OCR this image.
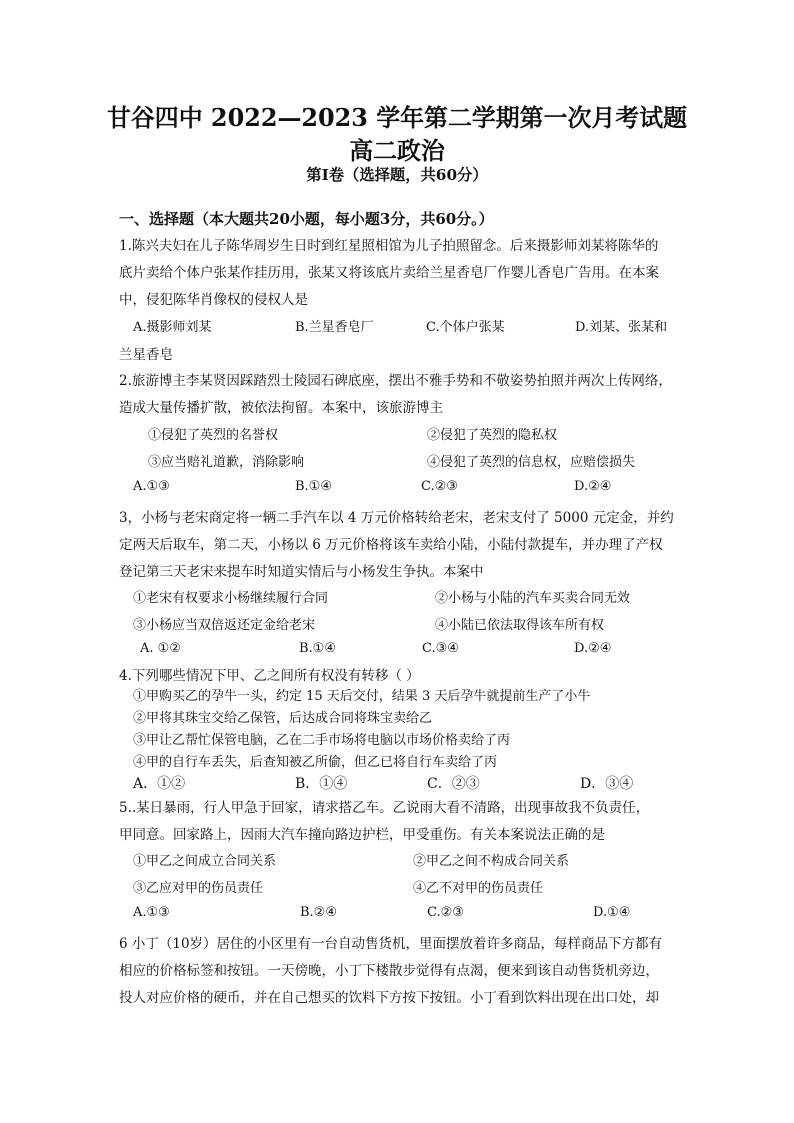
甘谷四中 2022—2023 学年第二学期第一次月考试题
高二政治
第Ⅰ卷（选择题，共60分）
一、选择题（本大题共20小题，每小题3分，共60分。）
1.陈兴夫妇在儿子陈华周岁生日时到红星照相馆为儿子拍照留念。后来摄影师刘某将陈华的
底片卖给个体户张某作挂历用，张某又将该底片卖给兰星香皂厂作婴儿香皂广告用。在本案
中，侵犯陈华肖像权的侵权人是
A.摄影师刘某	B.兰星香皂厂	C.个体户张某	D.刘某、张某和
兰星香皂
2.旅游博主李某贤因踩踏烈士陵园石碑底座，摆出不雅手势和不敬姿势拍照并两次上传网络，
造成大量传播扩散，被依法拘留。本案中，该旅游博主
①侵犯了英烈的名誉权	②侵犯了英烈的隐私权
③应当赔礼道歉，消除影响	④侵犯了英烈的信息权，应赔偿损失
A.①③	B.①④	C.②③	D.②④
3，小杨与老宋商定将一辆二手汽车以 4 万元价格转给老宋，老宋支付了 5000 元定金，并约
定两天后取车，第二天，小杨以 6 万元价格将该车卖给小陆，小陆付款提车，并办理了产权
登记第三天老宋来提车时知道实情后与小杨发生争执。本案中
①老宋有权要求小杨继续履行合同	②小杨与小陆的汽车买卖合同无效
③小杨应当双倍返还定金给老宋	④小陆已依法取得该车所有权
A. ①②	B.①④	C.③④	D.②④
4.下列哪些情况下甲、乙之间所有权没有转移（ ）
①甲购买乙的孕牛一头，约定 15 天后交付，结果 3 天后孕牛就提前生产了小牛
②甲将其珠宝交给乙保管，后达成合同将珠宝卖给乙
③甲让乙帮忙保管电脑，乙在二手市场将电脑以市场价格卖给了丙
④甲的自行车丢失，后查知被乙所偷，但乙已将自行车卖给了丙
A．①②	B．①④	C．②③	D．③④
5..某日暴雨，行人甲急于回家，请求搭乙车。乙说雨大看不清路，出现事故我不负责任，
甲同意。回家路上，因雨大汽车撞向路边护栏，甲受重伤。有关本案说法正确的是
①甲乙之间成立合同关系	②甲乙之间不构成合同关系
③乙应对甲的伤员责任	④乙不对甲的伤员责任
A.①③	B.②④	C.②③	D.①④
6 小丁（10岁）居住的小区里有一台自动售货机，里面摆放着许多商品，每样商品下方都有
相应的价格标签和按钮。一天傍晚，小丁下楼散步觉得有点渴，便来到该自动售货机旁边，
投人对应价格的硬币，并在自己想买的饮料下方按下按钮。小丁看到饮料出现在出口处，却
